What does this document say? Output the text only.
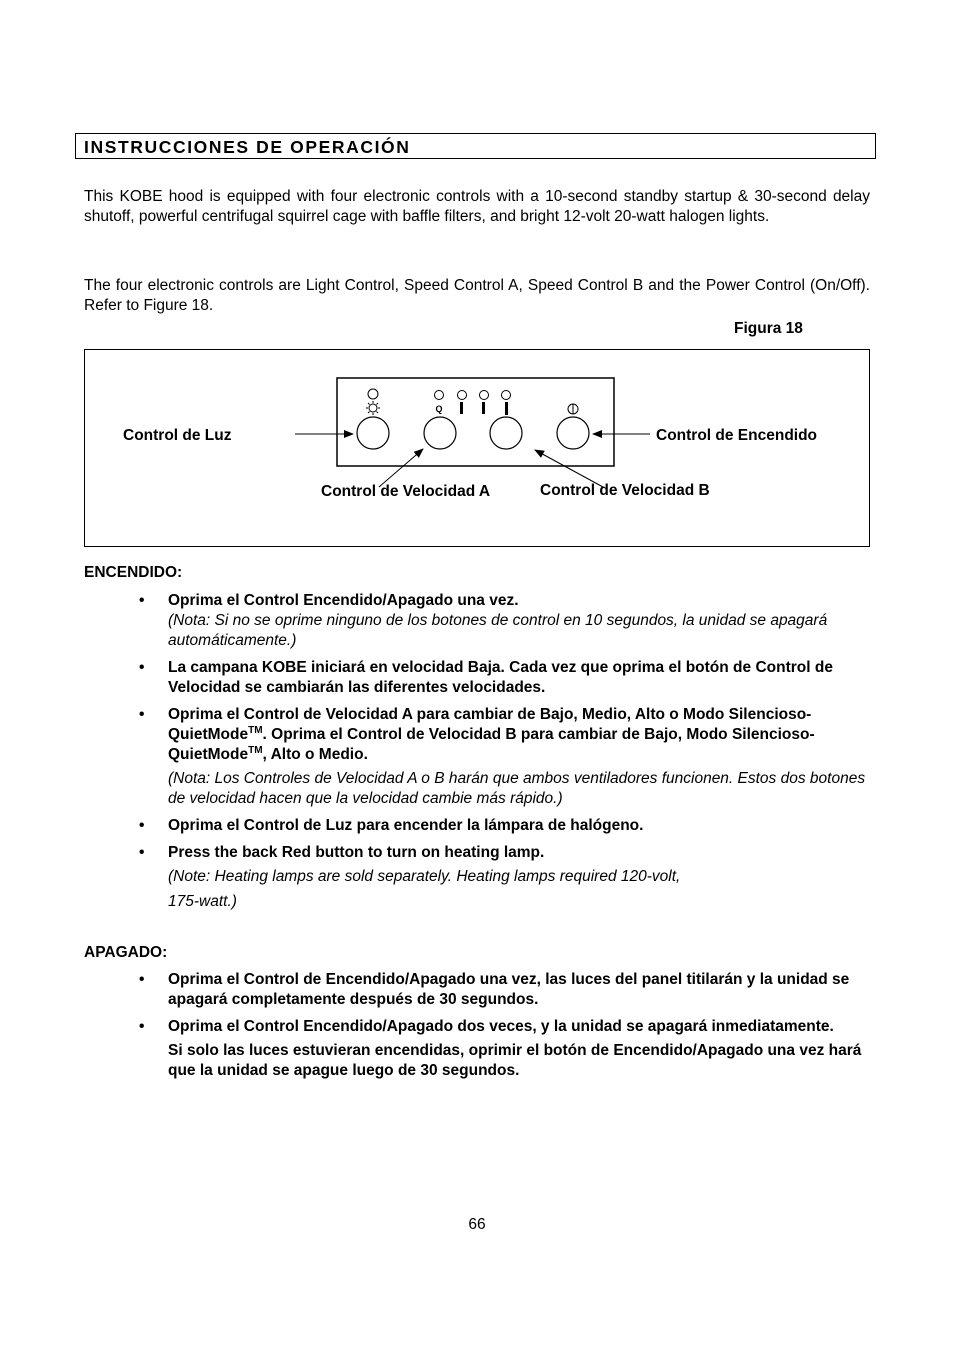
INSTRUCCIONES DE OPERACIÓN
This KOBE hood is equipped with four electronic controls with a 10-second standby startup & 30-second delay shutoff, powerful centrifugal squirrel cage with baffle filters, and bright 12-volt 20-watt halogen lights.
The four electronic controls are Light Control, Speed Control A, Speed Control B and the Power Control (On/Off). Refer to Figure 18.
Figura 18
Q
Control de Luz	Control de Encendido
Control de Velocidad A	Control de Velocidad B
ENCENDIDO:
• Oprima el Control Encendido/Apagado una vez.
(Nota: Si no se oprime ninguno de los botones de control en 10 segundos, la unidad se apagará automáticamente.)
• La campana KOBE iniciará en velocidad Baja. Cada vez que oprima el botón de Control de Velocidad se cambiarán las diferentes velocidades.
• Oprima el Control de Velocidad A para cambiar de Bajo, Medio, Alto o Modo Silencioso-QuietMode™. Oprima el Control de Velocidad B para cambiar de Bajo, Modo Silencioso-QuietMode™, Alto o Medio.
(Nota: Los Controles de Velocidad A o B harán que ambos ventiladores funcionen. Estos dos botones de velocidad hacen que la velocidad cambie más rápido.)
• Oprima el Control de Luz para encender la lámpara de halógeno.
• Press the back Red button to turn on heating lamp.
(Note: Heating lamps are sold separately. Heating lamps required 120-volt,
175-watt.)
APAGADO:
• Oprima el Control de Encendido/Apagado una vez, las luces del panel titilarán y la unidad se apagará completamente después de 30 segundos.
• Oprima el Control Encendido/Apagado dos veces, y la unidad se apagará inmediatamente.
Si solo las luces estuvieran encendidas, oprimir el botón de Encendido/Apagado una vez hará que la unidad se apague luego de 30 segundos.
66
